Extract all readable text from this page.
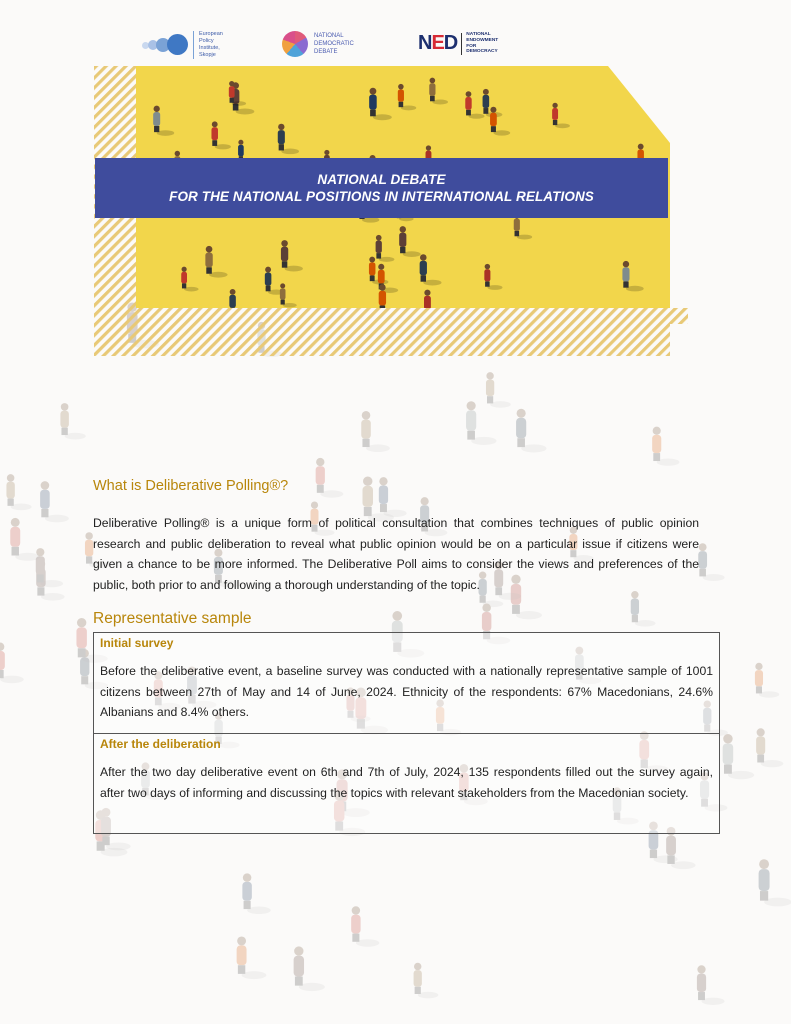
European
Policy
Institute,
Skopje
NATIONAL
DEMOCRATIC
DEBATE	NED NATIONAL
ENDOWMENT
FOR
DEMOCRACY
NATIONAL DEBATE
FOR THE NATIONAL POSITIONS IN INTERNATIONAL RELATIONS
What is Deliberative Polling®?

Deliberative Polling® is a unique form of political consultation that combines techniques of public opinion research and public deliberation to reveal what public opinion would be on a particular issue if citizens were given a chance to be more informed. The Deliberative Poll aims to consider the views and preferences of the public, both prior to and following a thorough understanding of the topic.

Representative sample
Initial survey

Before the deliberative event, a baseline survey was conducted with a nationally representative sample of 1001 citizens between 27th of May and 14 of June, 2024. Ethnicity of the respondents: 67% Macedonians, 24.6% Albanians and 8.4% others.

After the deliberation

After the two day deliberative event on 6th and 7th of July, 2024, 135 respondents filled out the survey again, after two days of informing and discussing the topics with relevant stakeholders from the Macedonian society.
